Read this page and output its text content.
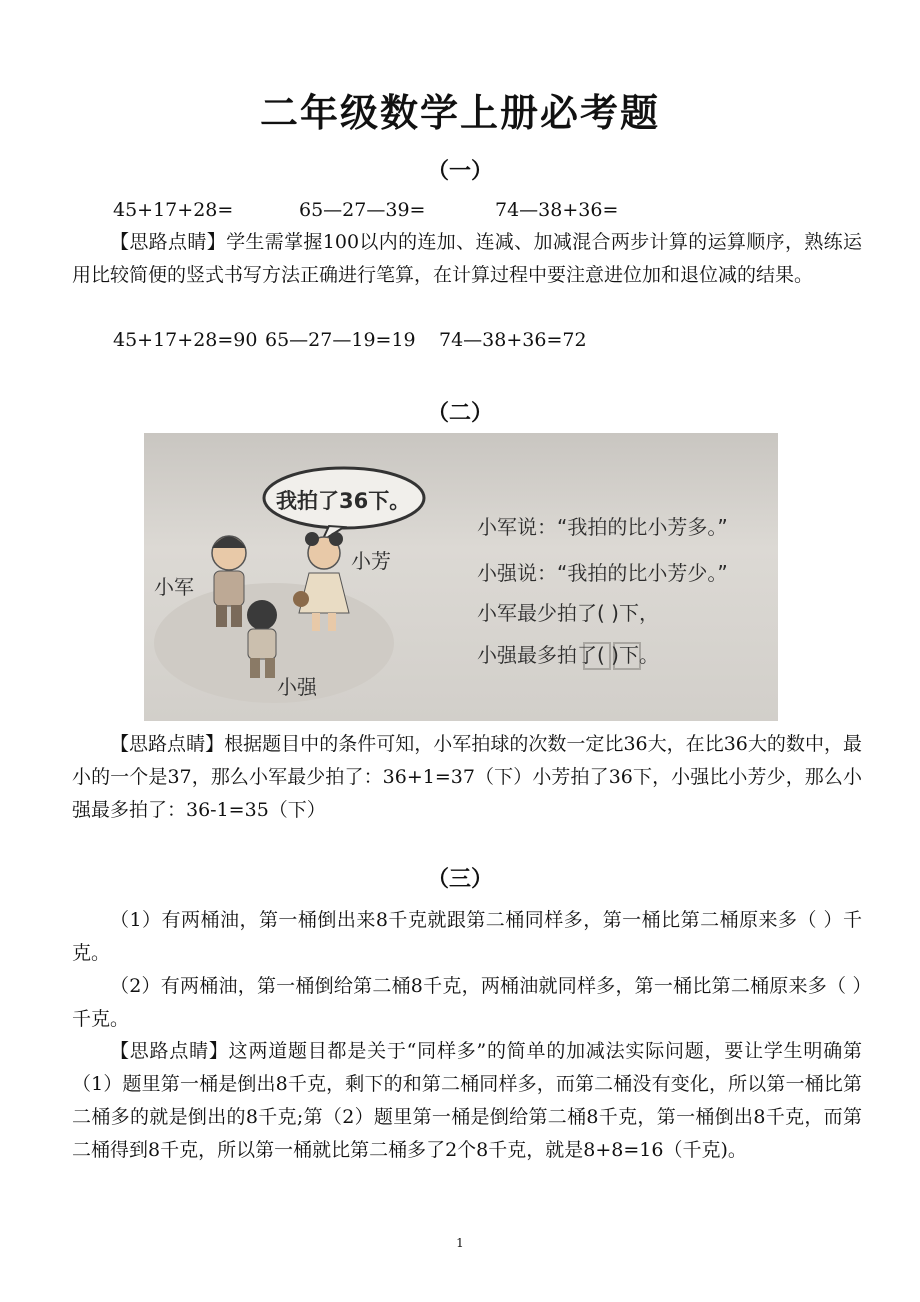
二年级数学上册必考题
（一）
45+17+28=	65—27—39=	74—38+36=
【思路点睛】学生需掌握100以内的连加、连减、加减混合两步计算的运算顺序，熟练运用比较简便的竖式书写方法正确进行笔算，在计算过程中要注意进位加和退位减的结果。
45+17+28=90 65—27—19=19 74—38+36=72
（二）
我拍了36下。
小军
小芳
小强
小军说：“我拍的比小芳多。”
小强说：“我拍的比小芳少。”
小军最少拍了( )下，
小强最多拍了( )下。
【思路点睛】根据题目中的条件可知，小军拍球的次数一定比36大，在比36大的数中，最小的一个是37，那么小军最少拍了：36+1=37（下）小芳拍了36下，小强比小芳少，那么小强最多拍了：36-1=35（下）
（三）
（1）有两桶油，第一桶倒出来8千克就跟第二桶同样多，第一桶比第二桶原来多（ ）千克。
（2）有两桶油，第一桶倒给第二桶8千克，两桶油就同样多，第一桶比第二桶原来多（ ）千克。
【思路点睛】这两道题目都是关于“同样多”的简单的加减法实际问题，要让学生明确第（1）题里第一桶是倒出8千克，剩下的和第二桶同样多，而第二桶没有变化，所以第一桶比第二桶多的就是倒出的8千克;第（2）题里第一桶是倒给第二桶8千克，第一桶倒出8千克，而第二桶得到8千克，所以第一桶就比第二桶多了2个8千克，就是8+8=16（千克)。
1
